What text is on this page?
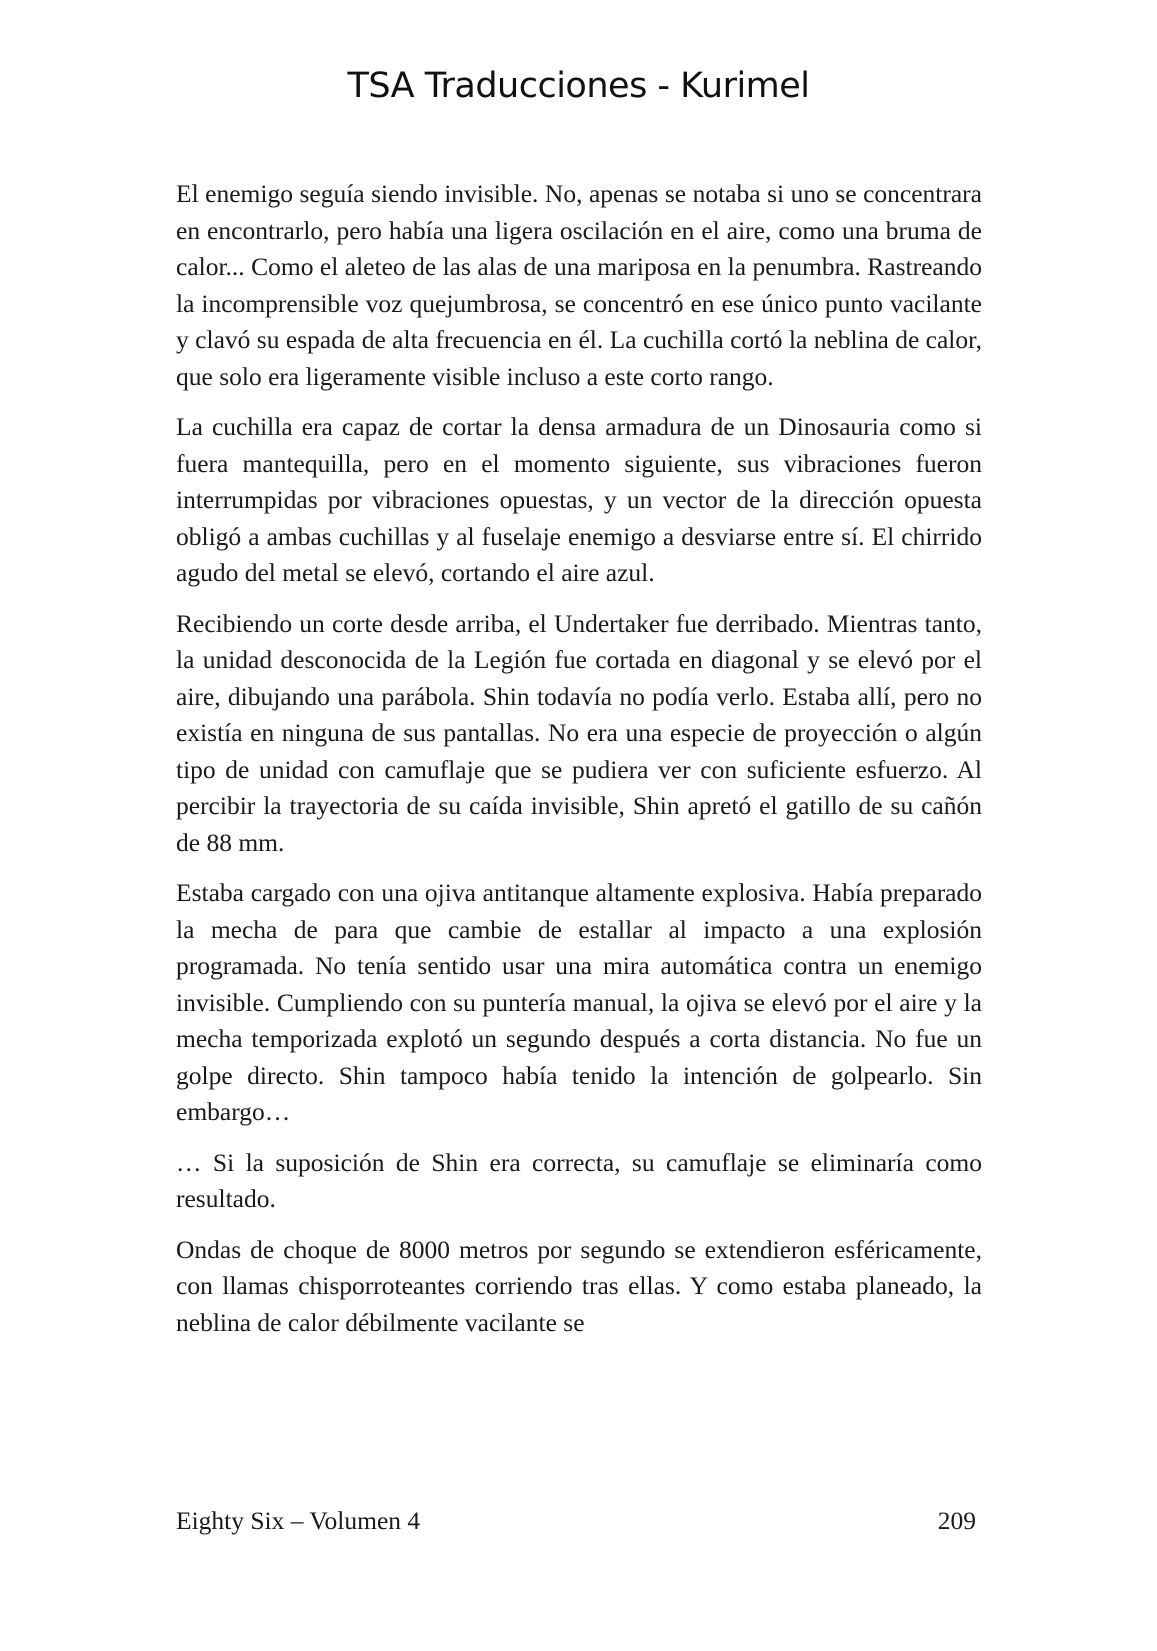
TSA Traducciones - Kurimel

El enemigo seguía siendo invisible. No, apenas se notaba si uno se concentrara en encontrarlo, pero había una ligera oscilación en el aire, como una bruma de calor... Como el aleteo de las alas de una mariposa en la penumbra. Rastreando la incomprensible voz quejumbrosa, se concentró en ese único punto vacilante y clavó su espada de alta frecuencia en él. La cuchilla cortó la neblina de calor, que solo era ligeramente visible incluso a este corto rango.

La cuchilla era capaz de cortar la densa armadura de un Dinosauria como si fuera mantequilla, pero en el momento siguiente, sus vibraciones fueron interrumpidas por vibraciones opuestas, y un vector de la dirección opuesta obligó a ambas cuchillas y al fuselaje enemigo a desviarse entre sí. El chirrido agudo del metal se elevó, cortando el aire azul.

Recibiendo un corte desde arriba, el Undertaker fue derribado. Mientras tanto, la unidad desconocida de la Legión fue cortada en diagonal y se elevó por el aire, dibujando una parábola. Shin todavía no podía verlo. Estaba allí, pero no existía en ninguna de sus pantallas. No era una especie de proyección o algún tipo de unidad con camuflaje que se pudiera ver con suficiente esfuerzo. Al percibir la trayectoria de su caída invisible, Shin apretó el gatillo de su cañón de 88 mm.

Estaba cargado con una ojiva antitanque altamente explosiva. Había preparado la mecha de para que cambie de estallar al impacto a una explosión programada. No tenía sentido usar una mira automática contra un enemigo invisible. Cumpliendo con su puntería manual, la ojiva se elevó por el aire y la mecha temporizada explotó un segundo después a corta distancia. No fue un golpe directo. Shin tampoco había tenido la intención de golpearlo. Sin embargo…

… Si la suposición de Shin era correcta, su camuflaje se eliminaría como resultado.

Ondas de choque de 8000 metros por segundo se extendieron esféricamente, con llamas chisporroteantes corriendo tras ellas. Y como estaba planeado, la neblina de calor débilmente vacilante se

Eighty Six – Volumen 4	209
